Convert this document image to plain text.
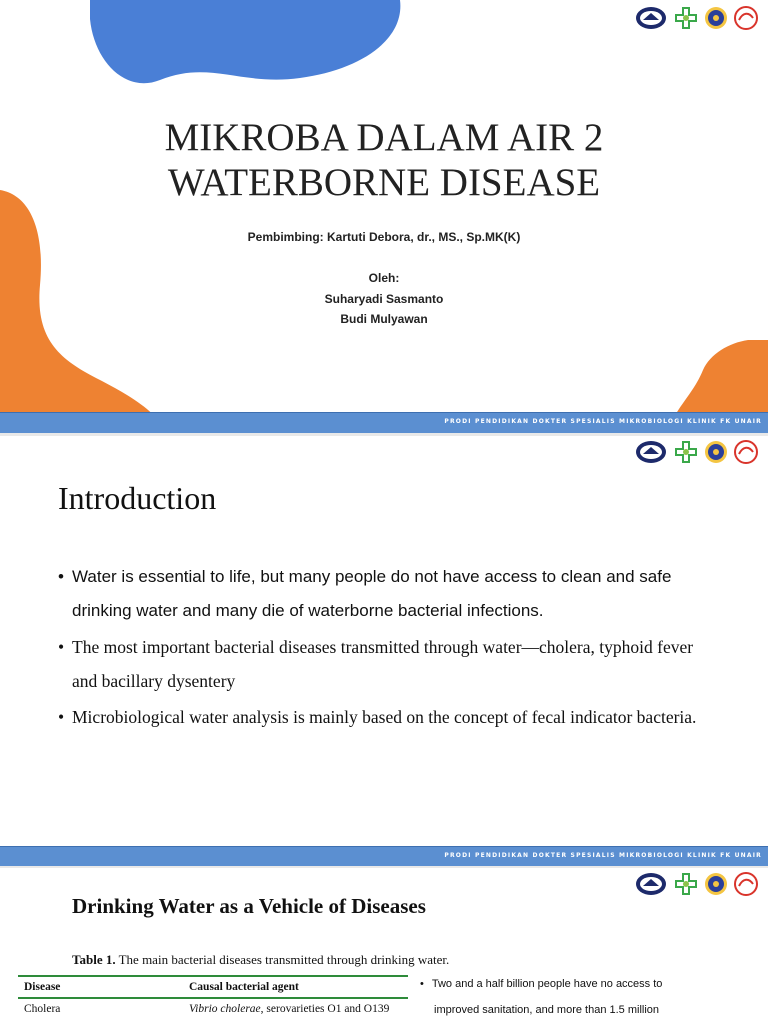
MIKROBA DALAM AIR 2
WATERBORNE DISEASE
Pembimbing: Kartuti Debora, dr., MS., Sp.MK(K)
Oleh:
Suharyadi Sasmanto
Budi Mulyawan
PRODI PENDIDIKAN DOKTER SPESIALIS MIKROBIOLOGI KLINIK FK UNAIR
Introduction
• Water is essential to life, but many people do not have access to clean and safe drinking water and many die of waterborne bacterial infections.
• The most important bacterial diseases transmitted through water—cholera, typhoid fever and bacillary dysentery
• Microbiological water analysis is mainly based on the concept of fecal indicator bacteria.
PRODI PENDIDIKAN DOKTER SPESIALIS MIKROBIOLOGI KLINIK FK UNAIR
Drinking Water as a Vehicle of Diseases
Table 1. The main bacterial diseases transmitted through drinking water.
Disease	Causal bacterial agent
Cholera	Vibrio cholerae, serovarieties O1 and O139
• Two and a half billion people have no access to
improved sanitation, and more than 1.5 million
